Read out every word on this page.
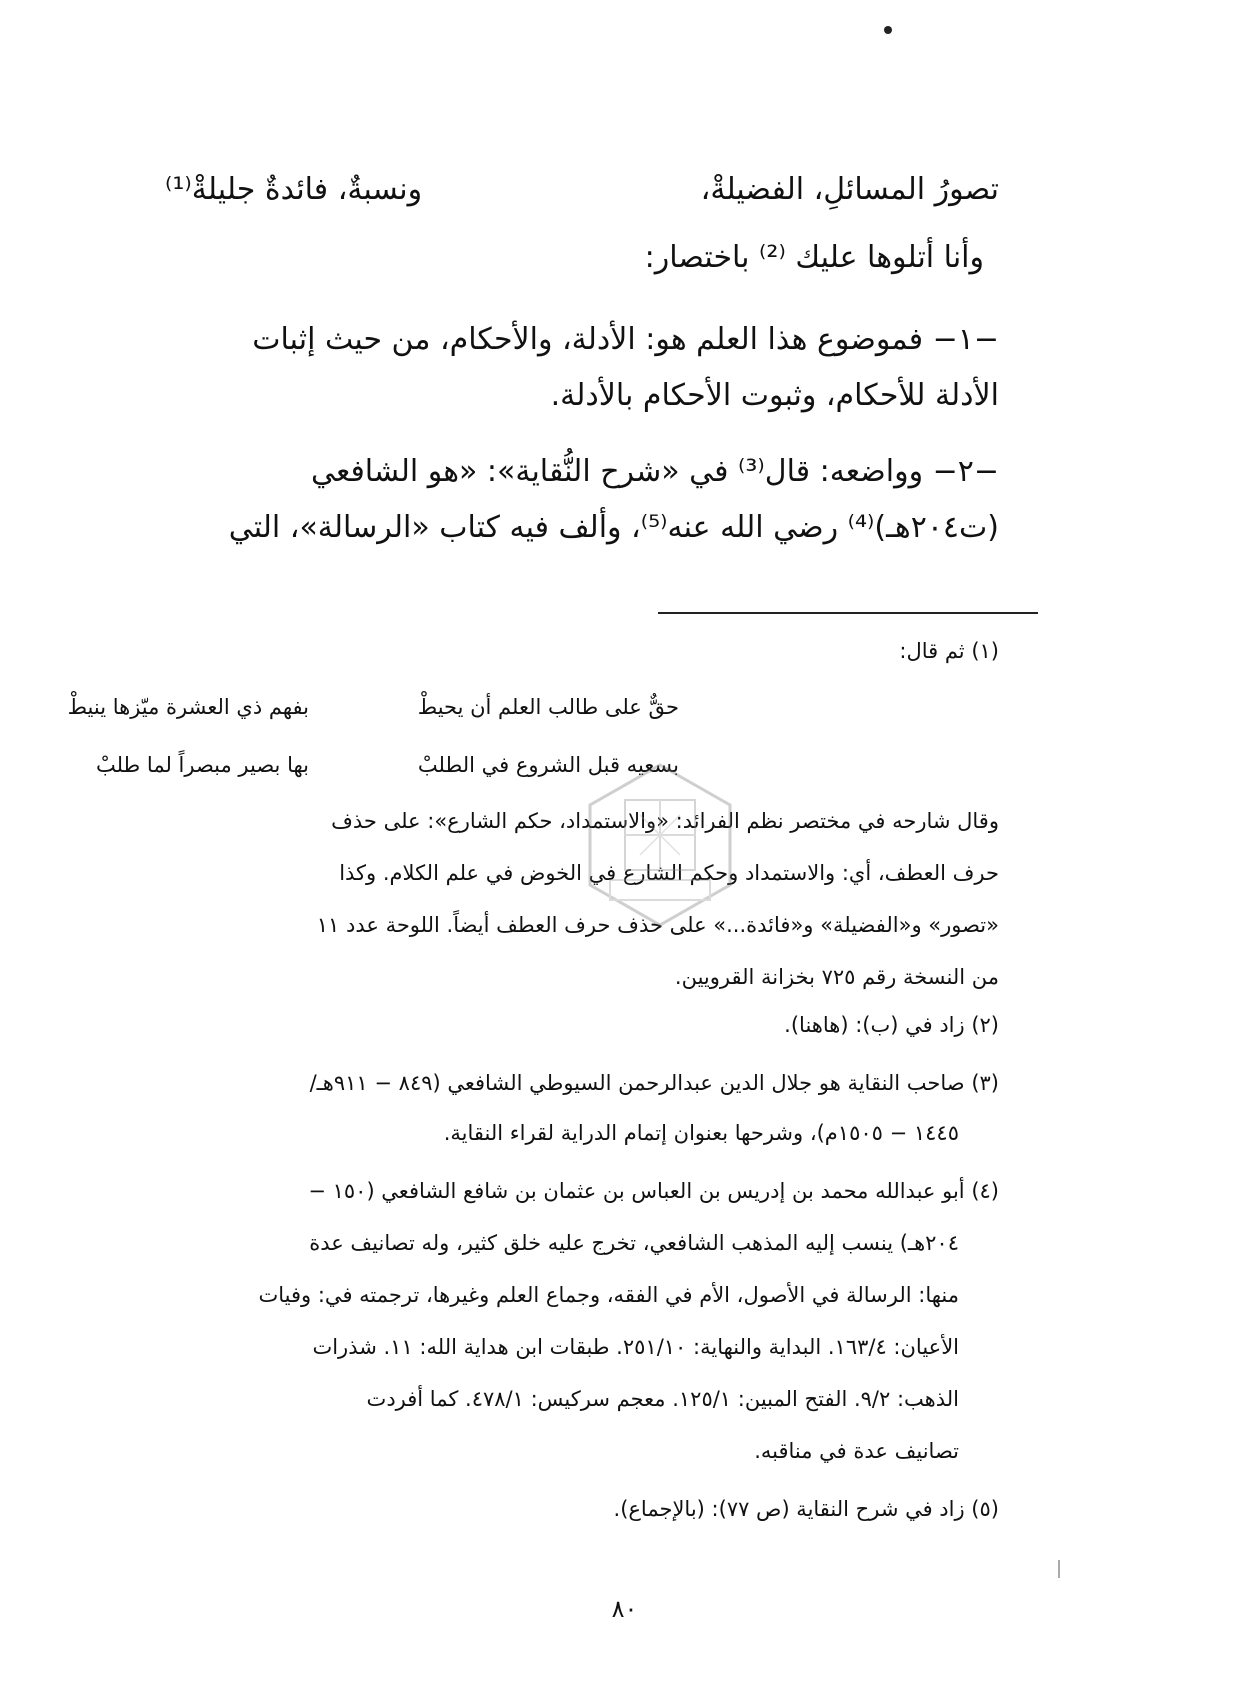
تصورُ المسائلِ، الفضيلةْ،
ونسبةٌ، فائدةٌ جليلةْ⁽¹⁾
وأنا أتلوها عليك ⁽²⁾ باختصار:
−١− فموضوع هذا العلم هو: الأدلة، والأحكام، من حيث إثبات
الأدلة للأحكام، وثبوت الأحكام بالأدلة.
−٢− وواضعه: قال⁽³⁾ في «شرح النُّقاية»: «هو الشافعي
(ت٢٠٤هـ)⁽⁴⁾ رضي الله عنه⁽⁵⁾، وألف فيه كتاب «الرسالة»، التي
(١) ثم قال:
حقٌّ على طالب العلم أن يحيطْ
بفهم ذي العشرة ميّزها ينيطْ
بسعيه قبل الشروع في الطلبْ
بها بصير مبصراً لما طلبْ
وقال شارحه في مختصر نظم الفرائد: «والاستمداد، حكم الشارع»: على حذف
حرف العطف، أي: والاستمداد وحكم الشارع في الخوض في علم الكلام. وكذا
«تصور» و«الفضيلة» و«فائدة...» على حذف حرف العطف أيضاً. اللوحة عدد ١١
من النسخة رقم ٧٢٥ بخزانة القرويين.
(٢) زاد في (ب): (هاهنا).
(٣) صاحب النقاية هو جلال الدين عبدالرحمن السيوطي الشافعي (٨٤٩ − ٩١١هـ/
١٤٤٥ − ١٥٠٥م)، وشرحها بعنوان إتمام الدراية لقراء النقاية.
(٤) أبو عبدالله محمد بن إدريس بن العباس بن عثمان بن شافع الشافعي (١٥٠ −
٢٠٤هـ) ينسب إليه المذهب الشافعي، تخرج عليه خلق كثير، وله تصانيف عدة
منها: الرسالة في الأصول، الأم في الفقه، وجماع العلم وغيرها، ترجمته في: وفيات
الأعيان: ١٦٣/٤. البداية والنهاية: ٢٥١/١٠. طبقات ابن هداية الله: ١١. شذرات
الذهب: ٩/٢. الفتح المبين: ١٢٥/١. معجم سركيس: ٤٧٨/١. كما أفردت
تصانيف عدة في مناقبه.
(٥) زاد في شرح النقاية (ص ٧٧): (بالإجماع).
٨٠
